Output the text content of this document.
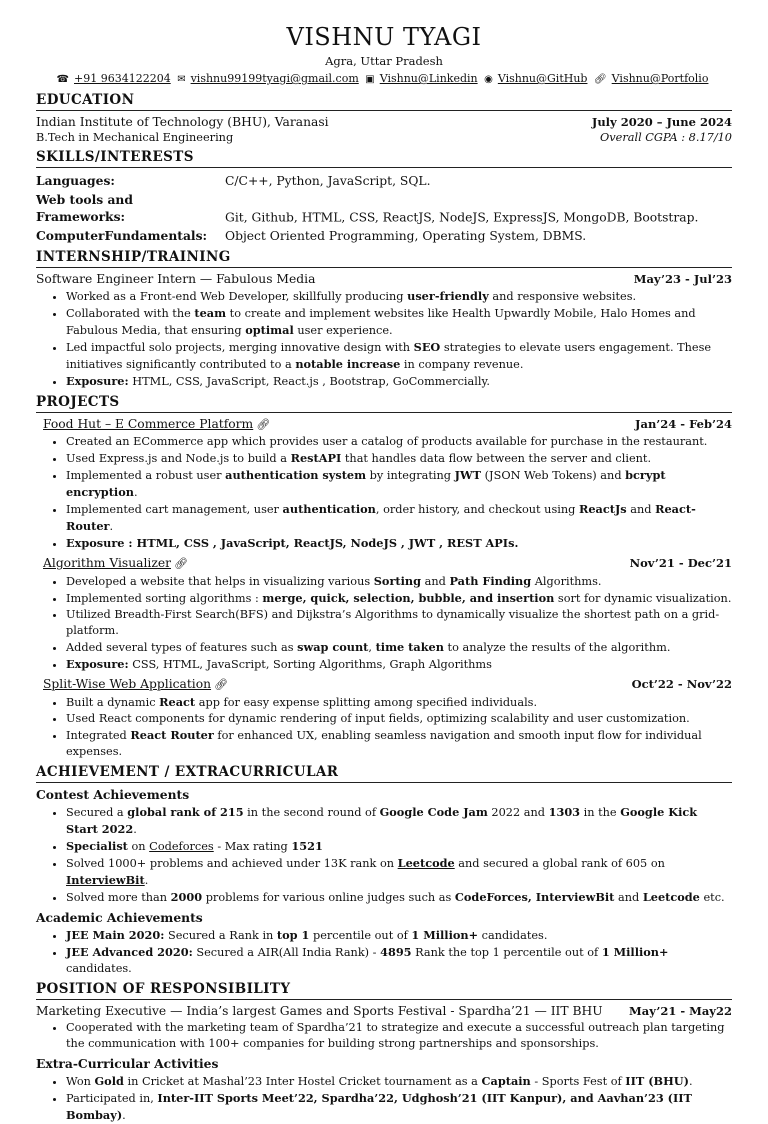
VISHNU TYAGI
Agra, Uttar Pradesh
☎ +91 9634122204 ✉ vishnu99199tyagi@gmail.com ▣ Vishnu@Linkedin ◉ Vishnu@GitHub 🔗︎ Vishnu@Portfolio
EDUCATION
Indian Institute of Technology (BHU), Varanasi	July 2020 – June 2024
B.Tech in Mechanical Engineering	Overall CGPA : 8.17/10
SKILLS/INTERESTS
Languages:	C/C++, Python, JavaScript, SQL.
Web tools and Frameworks:	Git, Github, HTML, CSS, ReactJS, NodeJS, ExpressJS, MongoDB, Bootstrap.
ComputerFundamentals: Object Oriented Programming, Operating System, DBMS.
INTERNSHIP/TRAINING
Software Engineer Intern — Fabulous Media	May’23 - Jul’23
• Worked as a Front-end Web Developer, skillfully producing user-friendly and responsive websites.
• Collaborated with the team to create and implement websites like Health Upwardly Mobile, Halo Homes and Fabulous Media, that ensuring optimal user experience.
• Led impactful solo projects, merging innovative design with SEO strategies to elevate users engagement. These initiatives significantly contributed to a notable increase in company revenue.
• Exposure: HTML, CSS, JavaScript, React.js , Bootstrap, GoCommercially.
PROJECTS
Food Hut – E Commerce Platform 🔗︎	Jan’24 - Feb’24
• Created an ECommerce app which provides user a catalog of products available for purchase in the restaurant.
• Used Express.js and Node.js to build a RestAPI that handles data flow between the server and client.
• Implemented a robust user authentication system by integrating JWT (JSON Web Tokens) and bcrypt encryption.
• Implemented cart management, user authentication, order history, and checkout using ReactJs and React-Router.
• Exposure : HTML, CSS , JavaScript, ReactJS, NodeJS , JWT , REST APIs.
Algorithm Visualizer 🔗︎	Nov’21 - Dec’21
• Developed a website that helps in visualizing various Sorting and Path Finding Algorithms.
• Implemented sorting algorithms : merge, quick, selection, bubble, and insertion sort for dynamic visualization.
• Utilized Breadth-First Search(BFS) and Dijkstra’s Algorithms to dynamically visualize the shortest path on a grid-platform.
• Added several types of features such as swap count, time taken to analyze the results of the algorithm.
• Exposure: CSS, HTML, JavaScript, Sorting Algorithms, Graph Algorithms
Split-Wise Web Application 🔗︎	Oct’22 - Nov’22
• Built a dynamic React app for easy expense splitting among specified individuals.
• Used React components for dynamic rendering of input fields, optimizing scalability and user customization.
• Integrated React Router for enhanced UX, enabling seamless navigation and smooth input flow for individual expenses.
ACHIEVEMENT / EXTRACURRICULAR
Contest Achievements
• Secured a global rank of 215 in the second round of Google Code Jam 2022 and 1303 in the Google Kick Start 2022.
• Specialist on Codeforces - Max rating 1521
• Solved 1000+ problems and achieved under 13K rank on Leetcode and secured a global rank of 605 on InterviewBit.
• Solved more than 2000 problems for various online judges such as CodeForces, InterviewBit and Leetcode etc.
Academic Achievements
• JEE Main 2020: Secured a Rank in top 1 percentile out of 1 Million+ candidates.
• JEE Advanced 2020: Secured a AIR(All India Rank) - 4895 Rank the top 1 percentile out of 1 Million+ candidates.
POSITION OF RESPONSIBILITY
Marketing Executive — India’s largest Games and Sports Festival - Spardha’21 — IIT BHU May’21 - May22
• Cooperated with the marketing team of Spardha’21 to strategize and execute a successful outreach plan targeting the communication with 100+ companies for building strong partnerships and sponsorships.
Extra-Curricular Activities
• Won Gold in Cricket at Mashal’23 Inter Hostel Cricket tournament as a Captain - Sports Fest of IIT (BHU).
• Participated in, Inter-IIT Sports Meet’22, Spardha’22, Udghosh’21 (IIT Kanpur), and Aavhan’23 (IIT Bombay).
